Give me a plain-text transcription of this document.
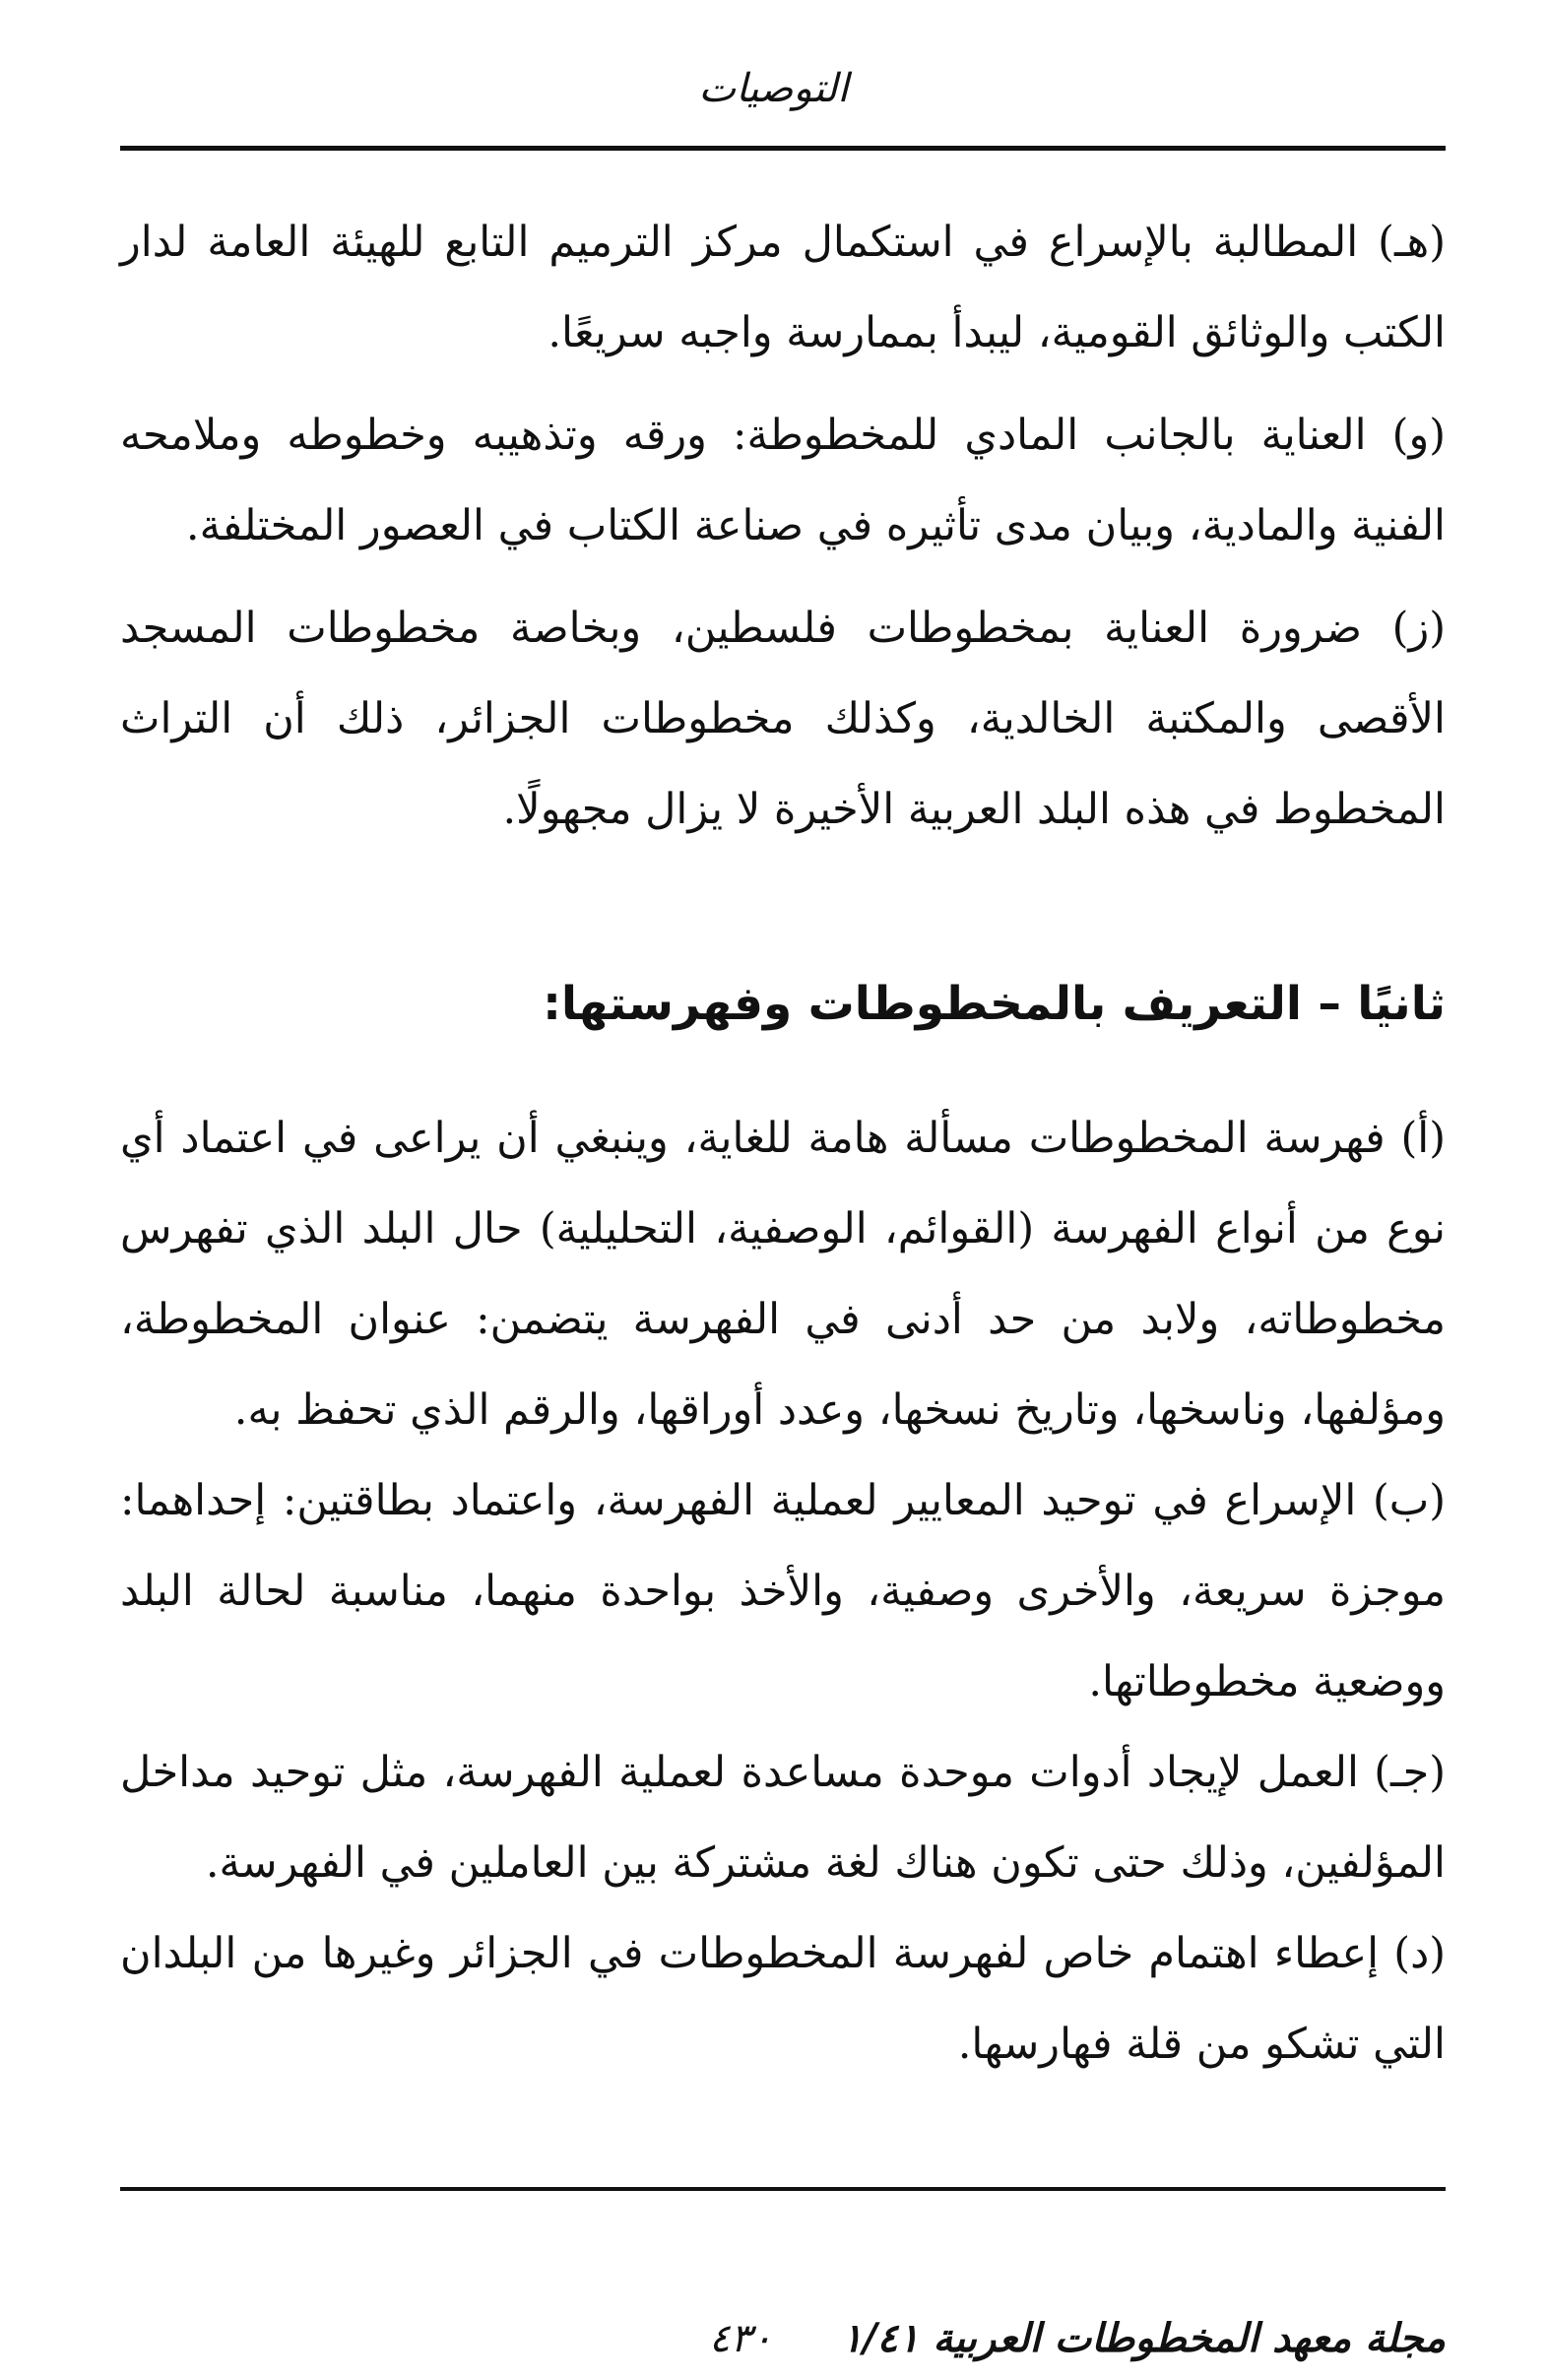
التوصيات

(هـ) المطالبة بالإسراع في استكمال مركز الترميم التابع للهيئة العامة لدار الكتب والوثائق القومية، ليبدأ بممارسة واجبه سريعًا.

(و) العناية بالجانب المادي للمخطوطة: ورقه وتذهيبه وخطوطه وملامحه الفنية والمادية، وبيان مدى تأثيره في صناعة الكتاب في العصور المختلفة.

(ز) ضرورة العناية بمخطوطات فلسطين، وبخاصة مخطوطات المسجد الأقصى والمكتبة الخالدية، وكذلك مخطوطات الجزائر، ذلك أن التراث المخطوط في هذه البلد العربية الأخيرة لا يزال مجهولًا.

ثانيًا – التعريف بالمخطوطات وفهرستها:

(أ) فهرسة المخطوطات مسألة هامة للغاية، وينبغي أن يراعى في اعتماد أي نوع من أنواع الفهرسة (القوائم، الوصفية، التحليلية) حال البلد الذي تفهرس مخطوطاته، ولابد من حد أدنى في الفهرسة يتضمن: عنوان المخطوطة، ومؤلفها، وناسخها، وتاريخ نسخها، وعدد أوراقها، والرقم الذي تحفظ به.

(ب) الإسراع في توحيد المعايير لعملية الفهرسة، واعتماد بطاقتين: إحداهما: موجزة سريعة، والأخرى وصفية، والأخذ بواحدة منهما، مناسبة لحالة البلد ووضعية مخطوطاتها.

(جـ) العمل لإيجاد أدوات موحدة مساعدة لعملية الفهرسة، مثل توحيد مداخل المؤلفين، وذلك حتى تكون هناك لغة مشتركة بين العاملين في الفهرسة.

(د) إعطاء اهتمام خاص لفهرسة المخطوطات في الجزائر وغيرها من البلدان التي تشكو من قلة فهارسها.

مجلة معهد المخطوطات العربية ١/٤١
٤٣٠
